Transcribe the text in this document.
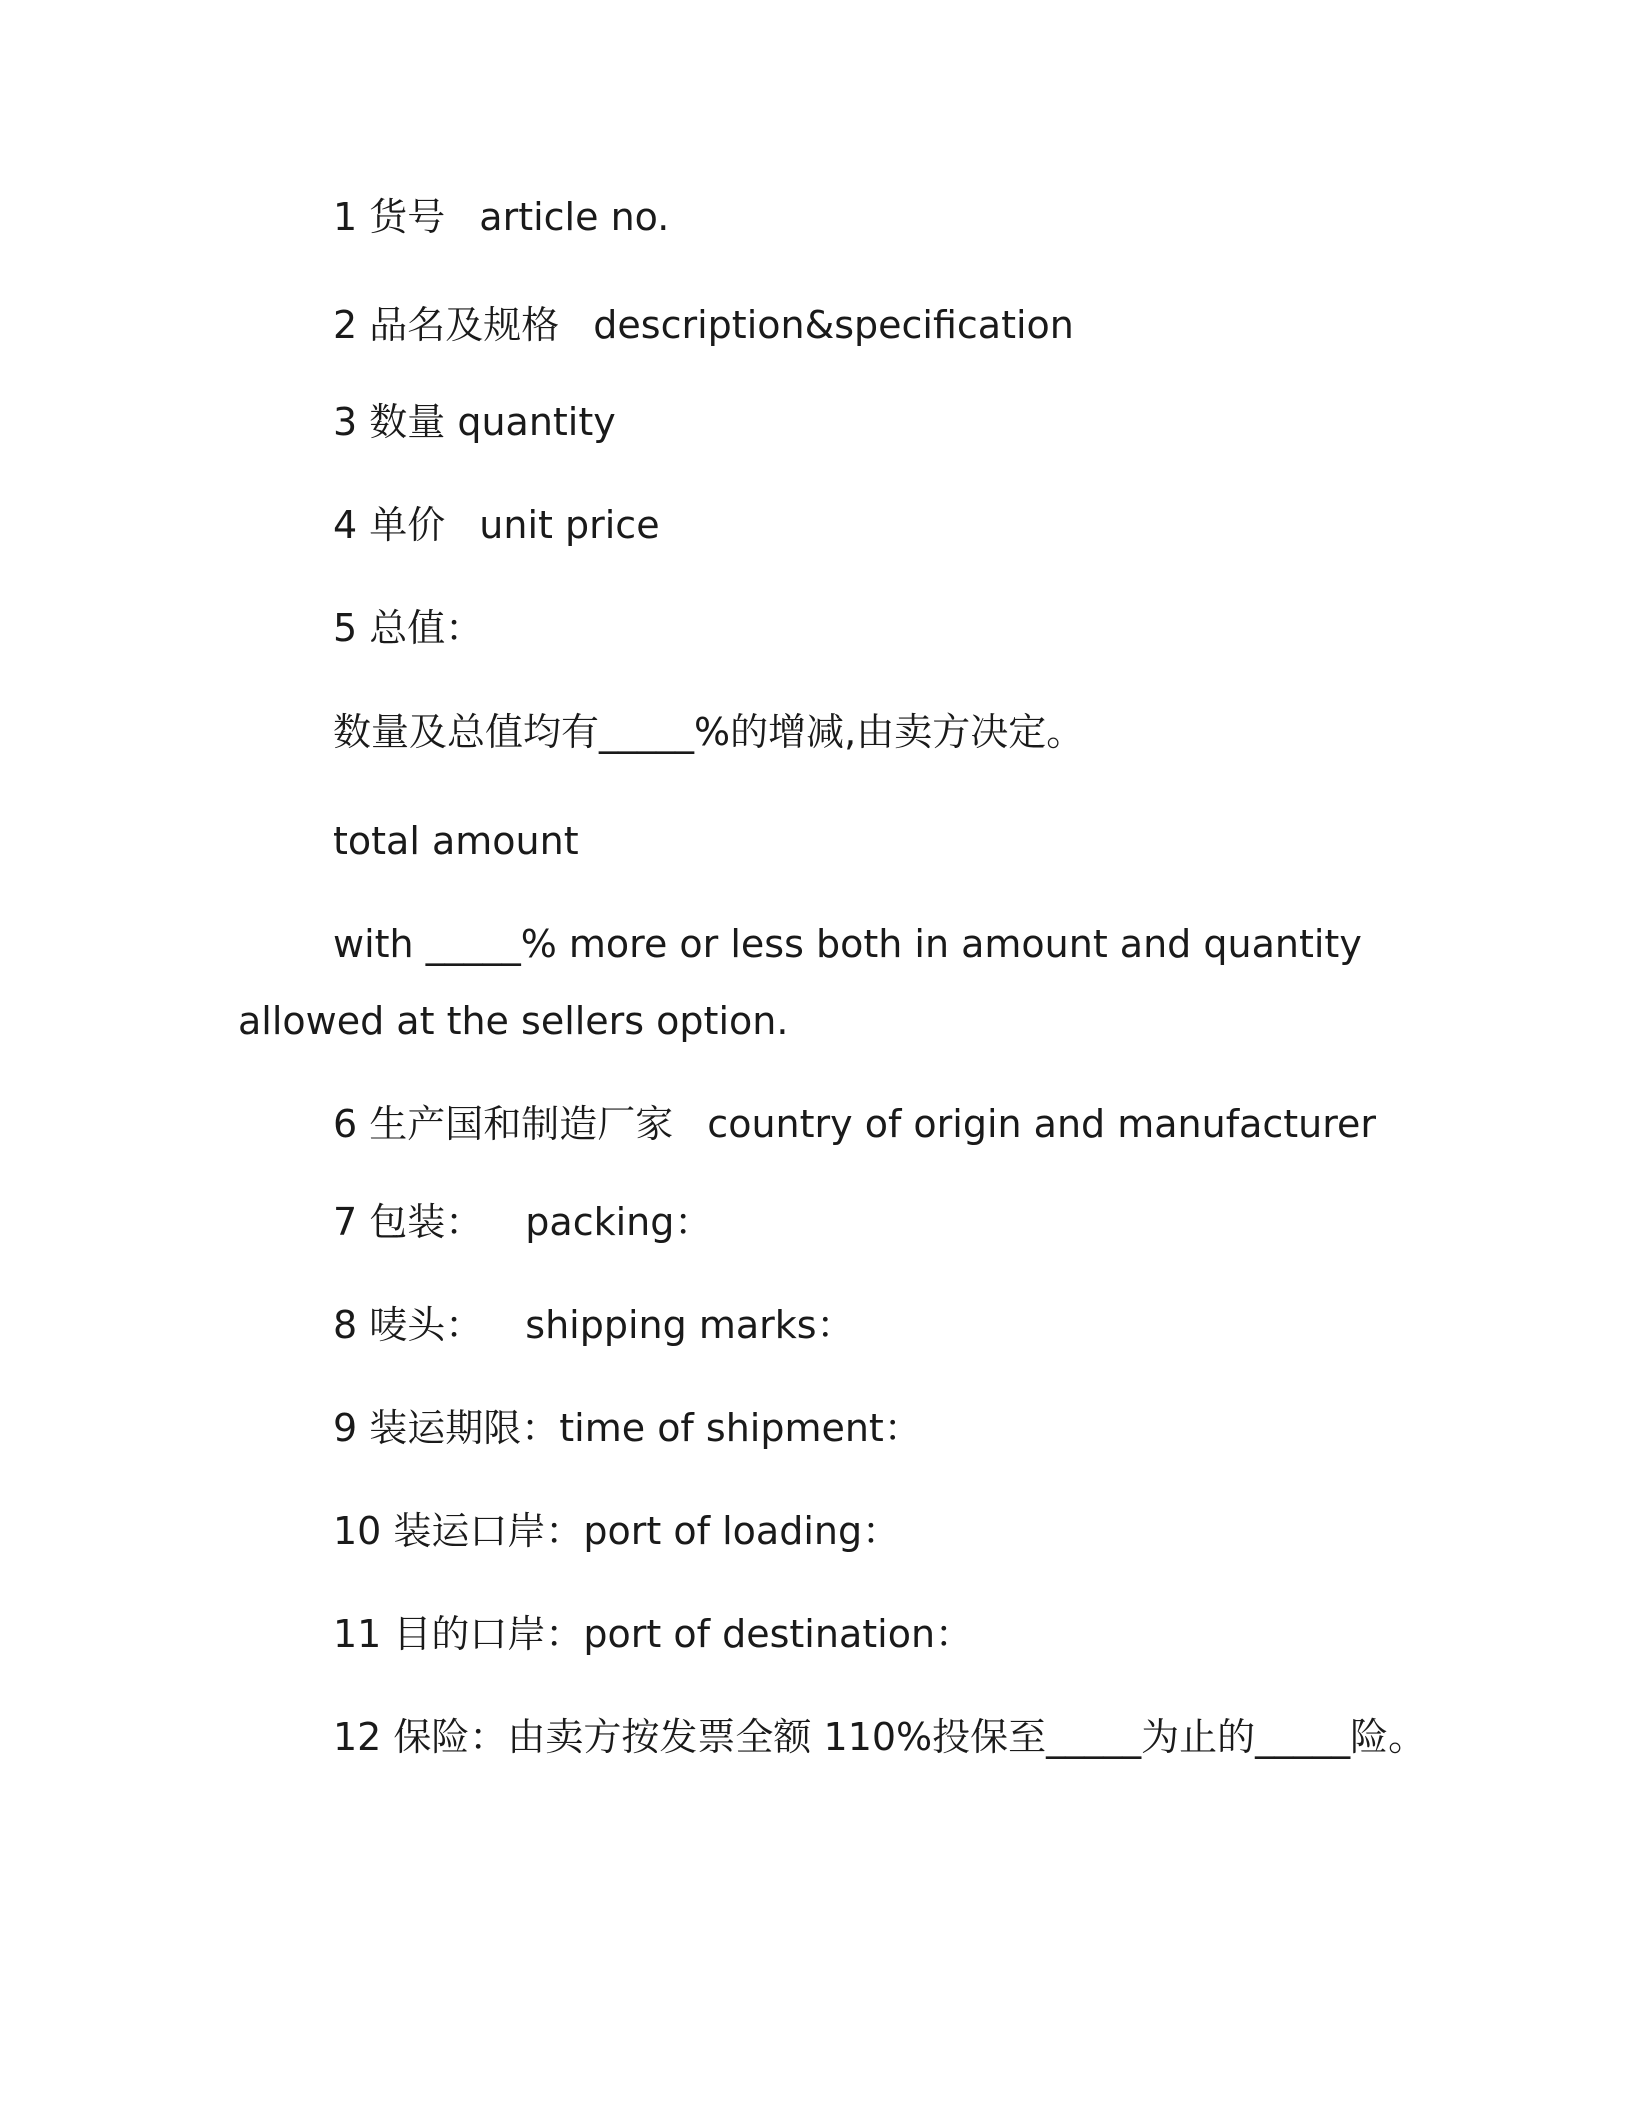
1 货号 article no.
2 品名及规格 description&specification
3 数量 quantity
4 单价 unit price
5 总值：
数量及总值均有_____%的增减,由卖方决定。
total amount
with _____% more or less both in amount and quantity
allowed at the sellers option.
6 生产国和制造厂家 country of origin and manufacturer
7 包装： packing：
8 唛头： shipping marks：
9 装运期限：time of shipment：
10 装运口岸：port of loading：
11 目的口岸：port of destination：
12 保险：由卖方按发票全额 110%投保至_____为止的_____险。
